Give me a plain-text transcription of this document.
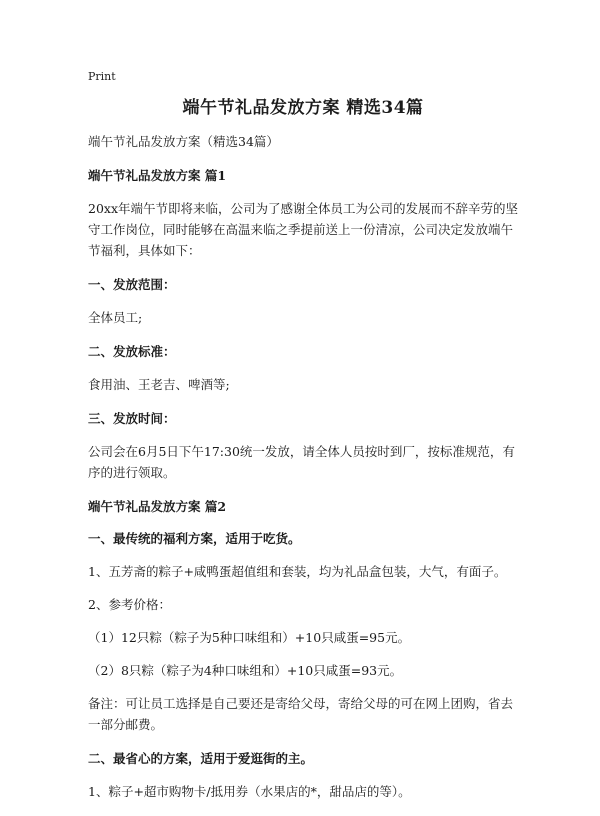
Print
端午节礼品发放方案 精选34篇
端午节礼品发放方案（精选34篇）
端午节礼品发放方案 篇1
20xx年端午节即将来临，公司为了感谢全体员工为公司的发展而不辞辛劳的坚守工作岗位，同时能够在高温来临之季提前送上一份清凉，公司决定发放端午节福利，具体如下：
一、发放范围：
全体员工;
二、发放标准：
食用油、王老吉、啤酒等;
三、发放时间：
公司会在6月5日下午17:30统一发放，请全体人员按时到厂，按标准规范，有序的进行领取。
端午节礼品发放方案 篇2
一、最传统的福利方案，适用于吃货。
1、五芳斋的粽子+咸鸭蛋超值组和套装，均为礼品盒包装，大气，有面子。
2、参考价格：
（1）12只粽（粽子为5种口味组和）+10只咸蛋=95元。
（2）8只粽（粽子为4种口味组和）+10只咸蛋=93元。
备注：可让员工选择是自己要还是寄给父母，寄给父母的可在网上团购，省去一部分邮费。
二、最省心的方案，适用于爱逛街的主。
1、粽子+超市购物卡/抵用券（水果店的*，甜品店的等）。
